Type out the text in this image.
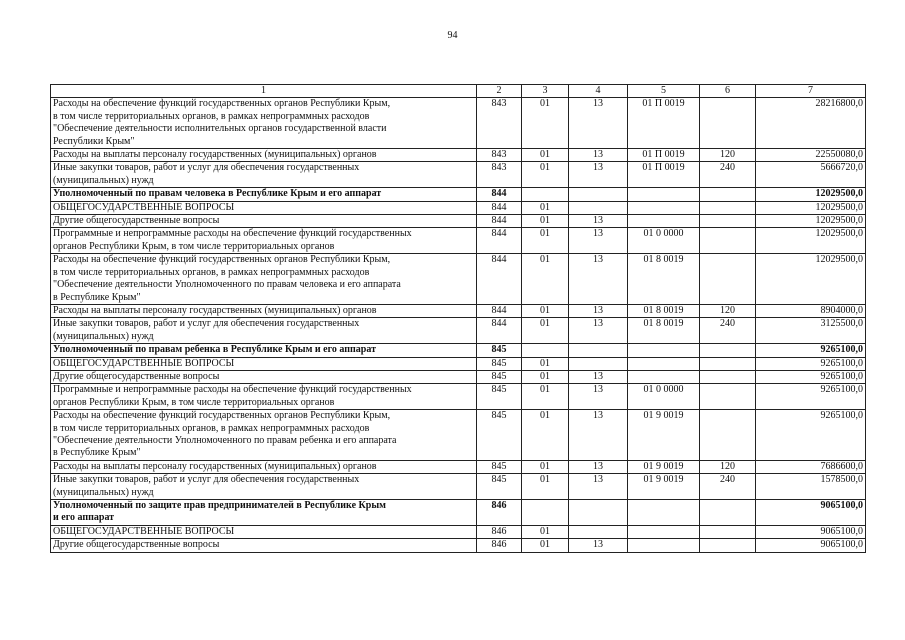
94
1	2	3	4	5	6	7

Расходы на обеспечение функций государственных органов Республики Крым,
в том числе территориальных органов, в рамках непрограммных расходов
"Обеспечение деятельности исполнительных органов государственной власти
Республики Крым"	843	01	13	01 П 0019		28216800,0

Расходы на выплаты персоналу государственных (муниципальных) органов	843	01	13	01 П 0019	120	22550080,0

Иные закупки товаров, работ и услуг для обеспечения государственных
(муниципальных) нужд	843	01	13	01 П 0019	240	5666720,0

Уполномоченный по правам человека в Республике Крым и его аппарат	844					12029500,0

ОБЩЕГОСУДАРСТВЕННЫЕ ВОПРОСЫ	844	01				12029500,0

Другие общегосударственные вопросы	844	01	13			12029500,0

Программные и непрограммные расходы на обеспечение функций государственных
органов Республики Крым, в том числе территориальных органов	844	01	13	01 0 0000		12029500,0

Расходы на обеспечение функций государственных органов Республики Крым,
в том числе территориальных органов, в рамках непрограммных расходов
"Обеспечение деятельности Уполномоченного по правам человека и его аппарата
в Республике Крым"	844	01	13	01 8 0019		12029500,0

Расходы на выплаты персоналу государственных (муниципальных) органов	844	01	13	01 8 0019	120	8904000,0

Иные закупки товаров, работ и услуг для обеспечения государственных
(муниципальных) нужд	844	01	13	01 8 0019	240	3125500,0

Уполномоченный по правам ребенка в Республике Крым и его аппарат	845					9265100,0

ОБЩЕГОСУДАРСТВЕННЫЕ ВОПРОСЫ	845	01				9265100,0

Другие общегосударственные вопросы	845	01	13			9265100,0

Программные и непрограммные расходы на обеспечение функций государственных
органов Республики Крым, в том числе территориальных органов	845	01	13	01 0 0000		9265100,0

Расходы на обеспечение функций государственных органов Республики Крым,
в том числе территориальных органов, в рамках непрограммных расходов
"Обеспечение деятельности Уполномоченного по правам ребенка и его аппарата
в Республике Крым"	845	01	13	01 9 0019		9265100,0

Расходы на выплаты персоналу государственных (муниципальных) органов	845	01	13	01 9 0019	120	7686600,0

Иные закупки товаров, работ и услуг для обеспечения государственных
(муниципальных) нужд	845	01	13	01 9 0019	240	1578500,0

Уполномоченный по защите прав предпринимателей в Республике Крым
и его аппарат	846					9065100,0

ОБЩЕГОСУДАРСТВЕННЫЕ ВОПРОСЫ	846	01				9065100,0

Другие общегосударственные вопросы	846	01	13			9065100,0
